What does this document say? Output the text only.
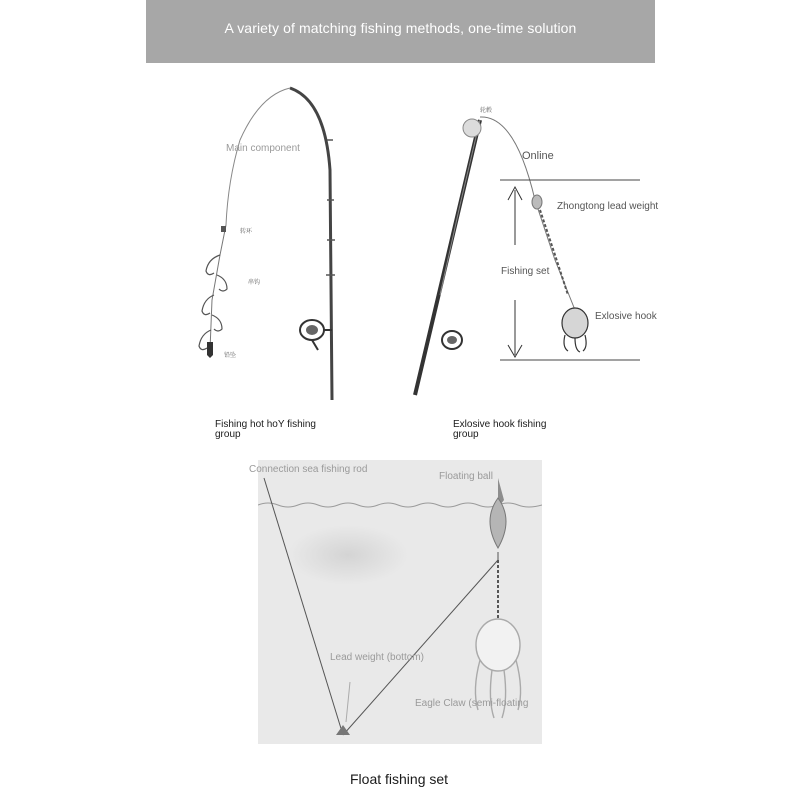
A variety of matching fishing methods, one-time solution
Main component
转环
串钩
铅坠
Fishing hot hoY fishing group
轮毂
Online
Zhongtong lead weight
Fishing set
Exlosive hook
Exlosive hook fishing group
Connection sea fishing rod
Floating ball
Lead weight (bottom)
Eagle Claw (semi-floating
Float fishing set
